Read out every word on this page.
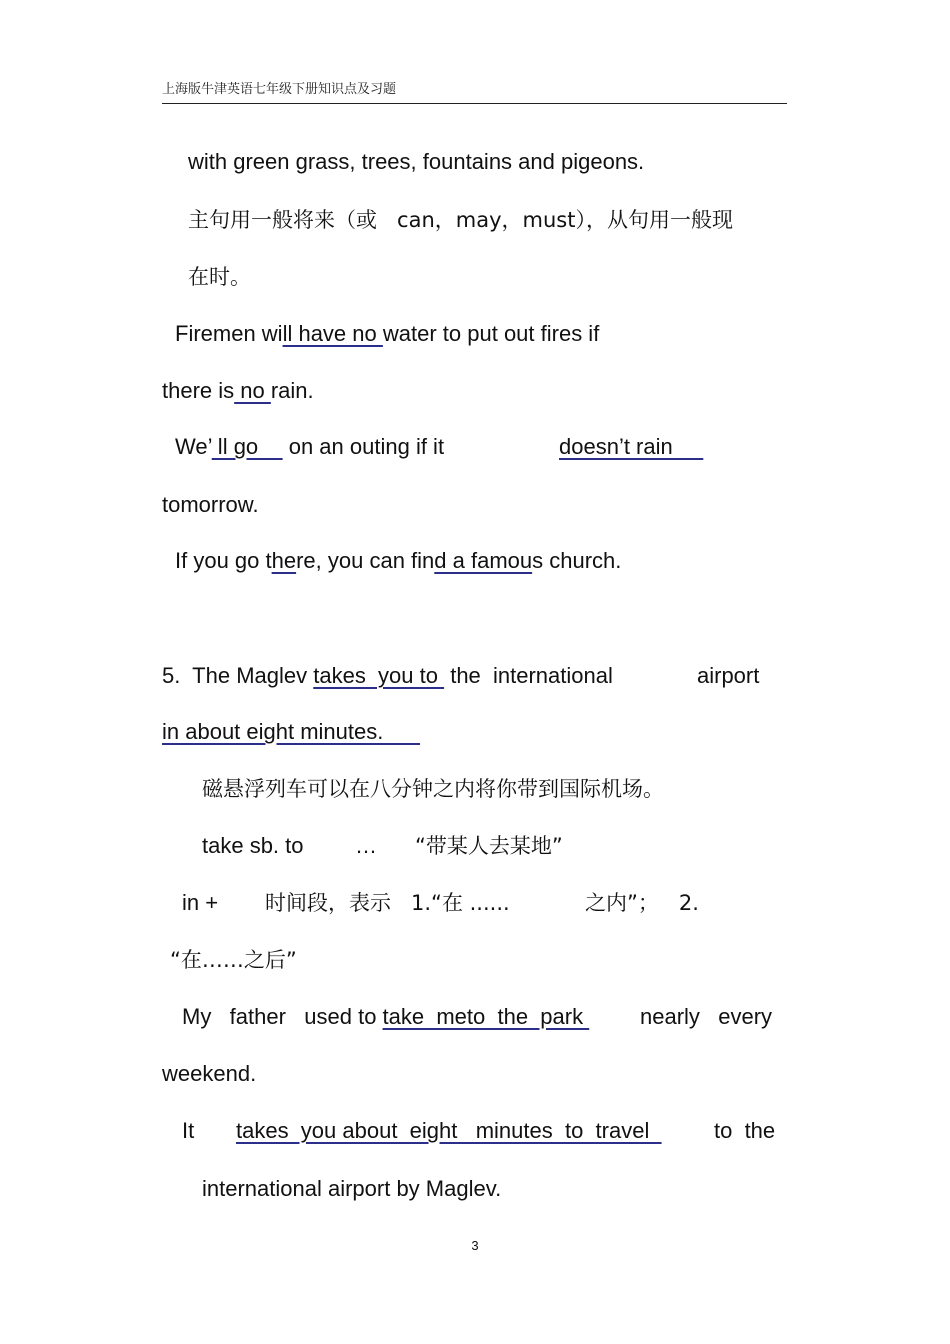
上海版牛津英语七年级下册知识点及习题
with green grass, trees, fountains and pigeons.
主句用一般将来（或   can，may，must），从句用一般现
在时。
Firemen will have no water to put out fires if
there is no rain.
We’ ll go     on an outing if it	doesn’t rain
tomorrow.
If you go there, you can find a famous church.
5.  The Maglev takes  you to  the  international	airport
in about eight minutes.
磁悬浮列车可以在八分钟之内将你带到国际机场。
take sb. to … “带某人去某地”
in + 时间段，表示   1.“在 ......	之内”；   2.
“在……之后”
My   father   used to take  meto  the  park nearly   every
weekend.
It takes  you about  eight   minutes  to  travel to  the
international airport by Maglev.
3
